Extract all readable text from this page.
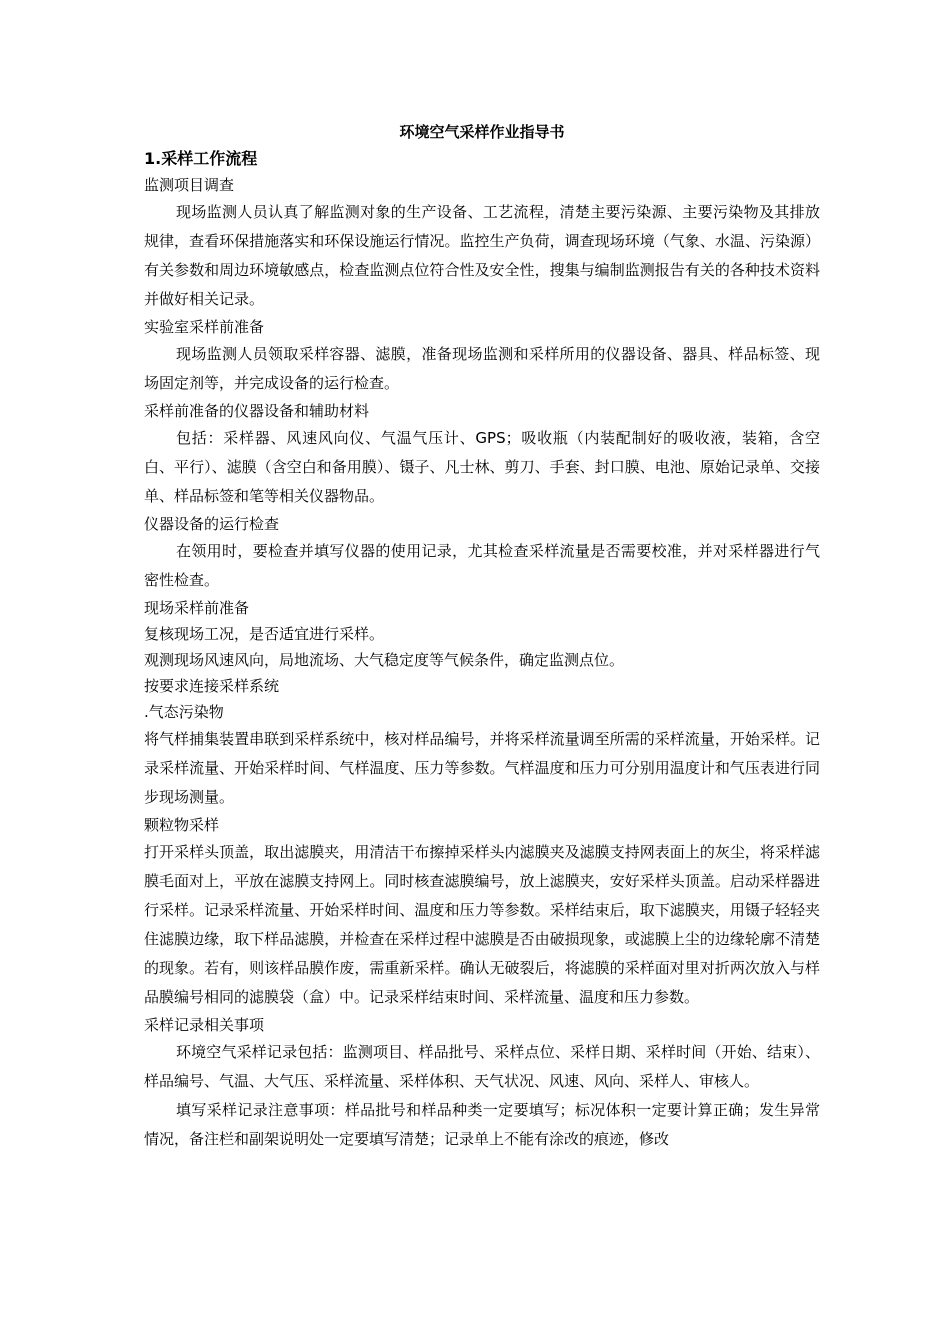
环境空气采样作业指导书
1.采样工作流程
监测项目调查

现场监测人员认真了解监测对象的生产设备、工艺流程，清楚主要污染源、主要污染物及其排放规律，查看环保措施落实和环保设施运行情况。监控生产负荷，调查现场环境（气象、水温、污染源）有关参数和周边环境敏感点，检查监测点位符合性及安全性，搜集与编制监测报告有关的各种技术资料并做好相关记录。

实验室采样前准备

现场监测人员领取采样容器、滤膜，准备现场监测和采样所用的仪器设备、器具、样品标签、现场固定剂等，并完成设备的运行检查。

采样前准备的仪器设备和辅助材料

包括：采样器、风速风向仪、气温气压计、GPS；吸收瓶（内装配制好的吸收液，装箱，含空白、平行）、滤膜（含空白和备用膜）、镊子、凡士林、剪刀、手套、封口膜、电池、原始记录单、交接单、样品标签和笔等相关仪器物品。

仪器设备的运行检查

在领用时，要检查并填写仪器的使用记录，尤其检查采样流量是否需要校准，并对采样器进行气密性检查。

现场采样前准备
复核现场工况，是否适宜进行采样。
观测现场风速风向，局地流场、大气稳定度等气候条件，确定监测点位。
按要求连接采样系统
.气态污染物

将气样捕集装置串联到采样系统中，核对样品编号，并将采样流量调至所需的采样流量，开始采样。记录采样流量、开始采样时间、气样温度、压力等参数。气样温度和压力可分别用温度计和气压表进行同步现场测量。

颗粒物采样

打开采样头顶盖，取出滤膜夹，用清洁干布擦掉采样头内滤膜夹及滤膜支持网表面上的灰尘，将采样滤膜毛面对上，平放在滤膜支持网上。同时核查滤膜编号，放上滤膜夹，安好采样头顶盖。启动采样器进行采样。记录采样流量、开始采样时间、温度和压力等参数。采样结束后，取下滤膜夹，用镊子轻轻夹住滤膜边缘，取下样品滤膜，并检查在采样过程中滤膜是否由破损现象，或滤膜上尘的边缘轮廓不清楚的现象。若有，则该样品膜作废，需重新采样。确认无破裂后，将滤膜的采样面对里对折两次放入与样品膜编号相同的滤膜袋（盒）中。记录采样结束时间、采样流量、温度和压力参数。

采样记录相关事项

环境空气采样记录包括：监测项目、样品批号、采样点位、采样日期、采样时间（开始、结束）、样品编号、气温、大气压、采样流量、采样体积、天气状况、风速、风向、采样人、审核人。

填写采样记录注意事项：样品批号和样品种类一定要填写；标况体积一定要计算正确；发生异常情况，备注栏和副架说明处一定要填写清楚；记录单上不能有涂改的痕迹，修改
